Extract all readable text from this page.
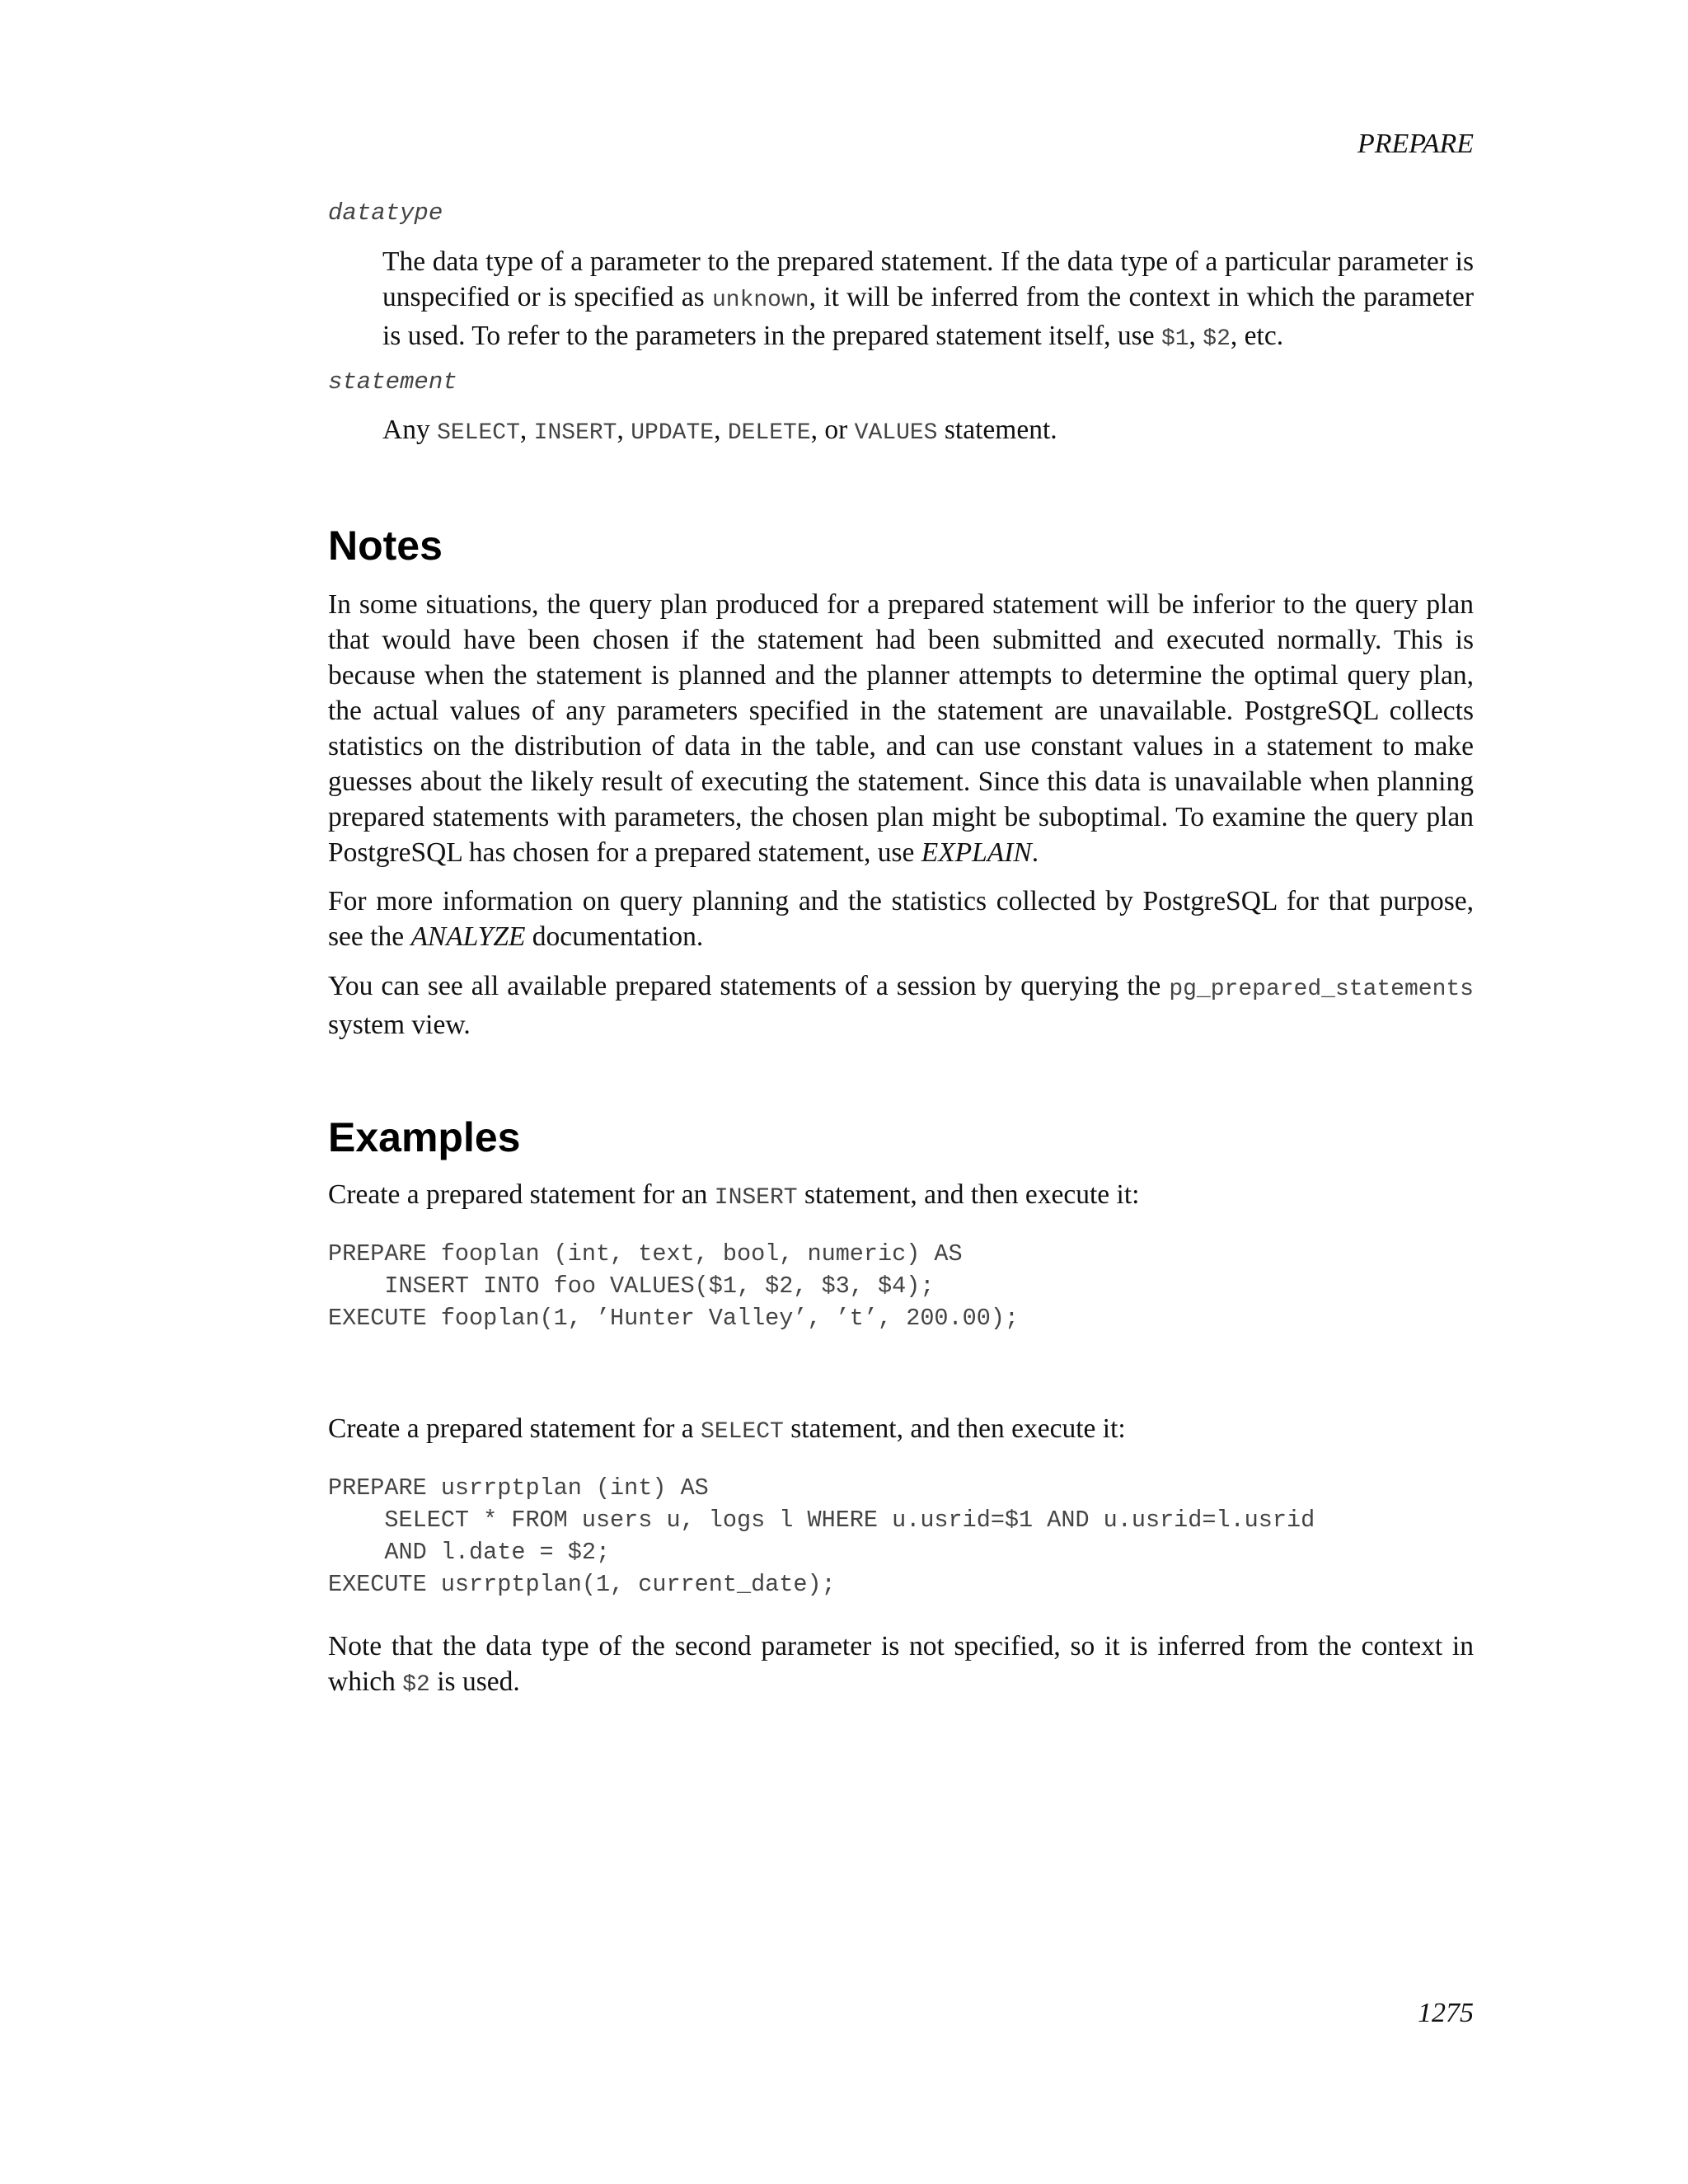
PREPARE
datatype

The data type of a parameter to the prepared statement. If the data type of a particular parameter is unspecified or is specified as unknown, it will be inferred from the context in which the parameter is used. To refer to the parameters in the prepared statement itself, use $1, $2, etc.

statement

Any SELECT, INSERT, UPDATE, DELETE, or VALUES statement.

Notes

In some situations, the query plan produced for a prepared statement will be inferior to the query plan that would have been chosen if the statement had been submitted and executed normally. This is because when the statement is planned and the planner attempts to determine the optimal query plan, the actual values of any parameters specified in the statement are unavailable. PostgreSQL collects statistics on the distribution of data in the table, and can use constant values in a statement to make guesses about the likely result of executing the statement. Since this data is unavailable when planning prepared statements with parameters, the chosen plan might be suboptimal. To examine the query plan PostgreSQL has chosen for a prepared statement, use EXPLAIN.

For more information on query planning and the statistics collected by PostgreSQL for that purpose, see the ANALYZE documentation.

You can see all available prepared statements of a session by querying the pg_prepared_statements system view.

Examples

Create a prepared statement for an INSERT statement, and then execute it:

PREPARE fooplan (int, text, bool, numeric) AS
INSERT INTO foo VALUES($1, $2, $3, $4);
EXECUTE fooplan(1, ’Hunter Valley’, ’t’, 200.00);

Create a prepared statement for a SELECT statement, and then execute it:

PREPARE usrrptplan (int) AS
SELECT * FROM users u, logs l WHERE u.usrid=$1 AND u.usrid=l.usrid
AND l.date = $2;
EXECUTE usrrptplan(1, current_date);

Note that the data type of the second parameter is not specified, so it is inferred from the context in which $2 is used.

1275
